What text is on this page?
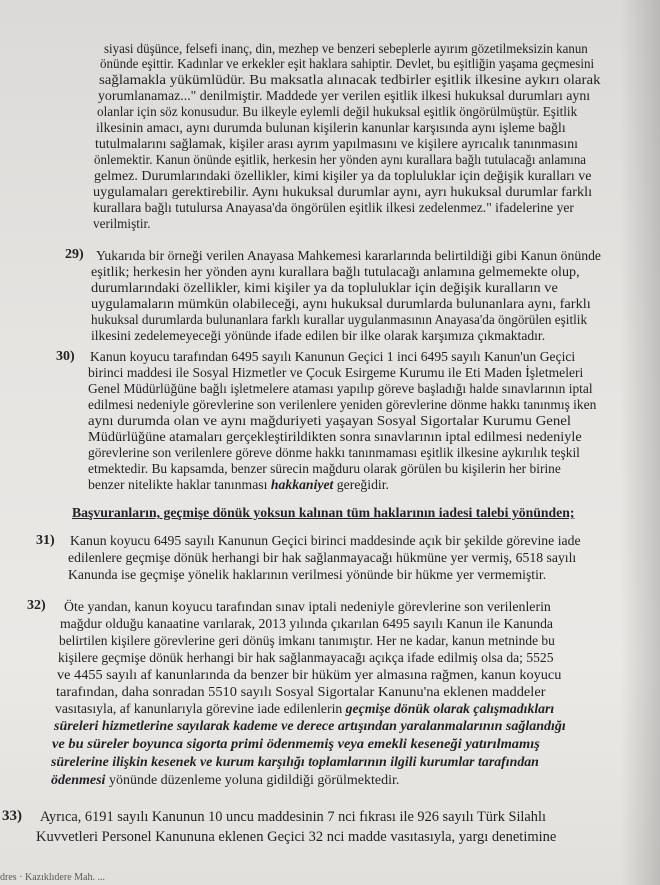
siyasi düşünce, felsefi inanç, din, mezhep ve benzeri sebeplerle ayırım gözetilmeksizin kanun
önünde eşittir. Kadınlar ve erkekler eşit haklara sahiptir. Devlet, bu eşitliğin yaşama geçmesini
sağlamakla yükümlüdür. Bu maksatla alınacak tedbirler eşitlik ilkesine aykırı olarak
yorumlanamaz..." denilmiştir. Maddede yer verilen eşitlik ilkesi hukuksal durumları aynı
olanlar için söz konusudur. Bu ilkeyle eylemli değil hukuksal eşitlik öngörülmüştür. Eşitlik
ilkesinin amacı, aynı durumda bulunan kişilerin kanunlar karşısında aynı işleme bağlı
tutulmalarını sağlamak, kişiler arası ayrım yapılmasını ve kişilere ayrıcalık tanınmasını
önlemektir. Kanun önünde eşitlik, herkesin her yönden aynı kurallara bağlı tutulacağı anlamına
gelmez. Durumlarındaki özellikler, kimi kişiler ya da topluluklar için değişik kuralları ve
uygulamaları gerektirebilir. Aynı hukuksal durumlar aynı, ayrı hukuksal durumlar farklı
kurallara bağlı tutulursa Anayasa'da öngörülen eşitlik ilkesi zedelenmez." ifadelerine yer
verilmiştir.
29) Yukarıda bir örneği verilen Anayasa Mahkemesi kararlarında belirtildiği gibi Kanun önünde
eşitlik; herkesin her yönden aynı kurallara bağlı tutulacağı anlamına gelmemekte olup,
durumlarındaki özellikler, kimi kişiler ya da topluluklar için değişik kuralların ve
uygulamaların mümkün olabileceği, aynı hukuksal durumlarda bulunanlara aynı, farklı
hukuksal durumlarda bulunanlara farklı kurallar uygulanmasının Anayasa'da öngörülen eşitlik
ilkesini zedelemeyeceği yönünde ifade edilen bir ilke olarak karşımıza çıkmaktadır.
30) Kanun koyucu tarafından 6495 sayılı Kanunun Geçici 1 inci 6495 sayılı Kanun'un Geçici
birinci maddesi ile Sosyal Hizmetler ve Çocuk Esirgeme Kurumu ile Eti Maden İşletmeleri
Genel Müdürlüğüne bağlı işletmelere ataması yapılıp göreve başladığı halde sınavlarının iptal
edilmesi nedeniyle görevlerine son verilenlere yeniden görevlerine dönme hakkı tanınmış iken
aynı durumda olan ve aynı mağduriyeti yaşayan Sosyal Sigortalar Kurumu Genel
Müdürlüğüne atamaları gerçekleştirildikten sonra sınavlarının iptal edilmesi nedeniyle
görevlerine son verilenlere göreve dönme hakkı tanınmaması eşitlik ilkesine aykırılık teşkil
etmektedir. Bu kapsamda, benzer sürecin mağduru olarak görülen bu kişilerin her birine
benzer nitelikte haklar tanınması hakkaniyet gereğidir.
Başvuranların, geçmişe dönük yoksun kalınan tüm haklarının iadesi talebi yönünden;
31) Kanun koyucu 6495 sayılı Kanunun Geçici birinci maddesinde açık bir şekilde görevine iade
edilenlere geçmişe dönük herhangi bir hak sağlanmayacağı hükmüne yer vermiş, 6518 sayılı
Kanunda ise geçmişe yönelik haklarının verilmesi yönünde bir hükme yer vermemiştir.
32) Öte yandan, kanun koyucu tarafından sınav iptali nedeniyle görevlerine son verilenlerin
mağdur olduğu kanaatine varılarak, 2013 yılında çıkarılan 6495 sayılı Kanun ile Kanunda
belirtilen kişilere görevlerine geri dönüş imkanı tanımıştır. Her ne kadar, kanun metninde bu
kişilere geçmişe dönük herhangi bir hak sağlanmayacağı açıkça ifade edilmiş olsa da; 5525
ve 4455 sayılı af kanunlarında da benzer bir hüküm yer almasına rağmen, kanun koyucu
tarafından, daha sonradan 5510 sayılı Sosyal Sigortalar Kanunu'na eklenen maddeler
vasıtasıyla, af kanunlarıyla görevine iade edilenlerin geçmişe dönük olarak çalışmadıkları
süreleri hizmetlerine sayılarak kademe ve derece artışından yaralanmalarının sağlandığı
ve bu süreler boyunca sigorta primi ödenmemiş veya emekli keseneği yatırılmamış
sürelerine ilişkin kesenek ve kurum karşılığı toplamlarının ilgili kurumlar tarafından
ödenmesi yönünde düzenleme yoluna gidildiği görülmektedir.
33) Ayrıca, 6191 sayılı Kanunun 10 uncu maddesinin 7 nci fıkrası ile 926 sayılı Türk Silahlı
Kuvvetleri Personel Kanununa eklenen Geçici 32 nci madde vasıtasıyla, yargı denetimine
dres · Kazıklıdere Mah. ...
